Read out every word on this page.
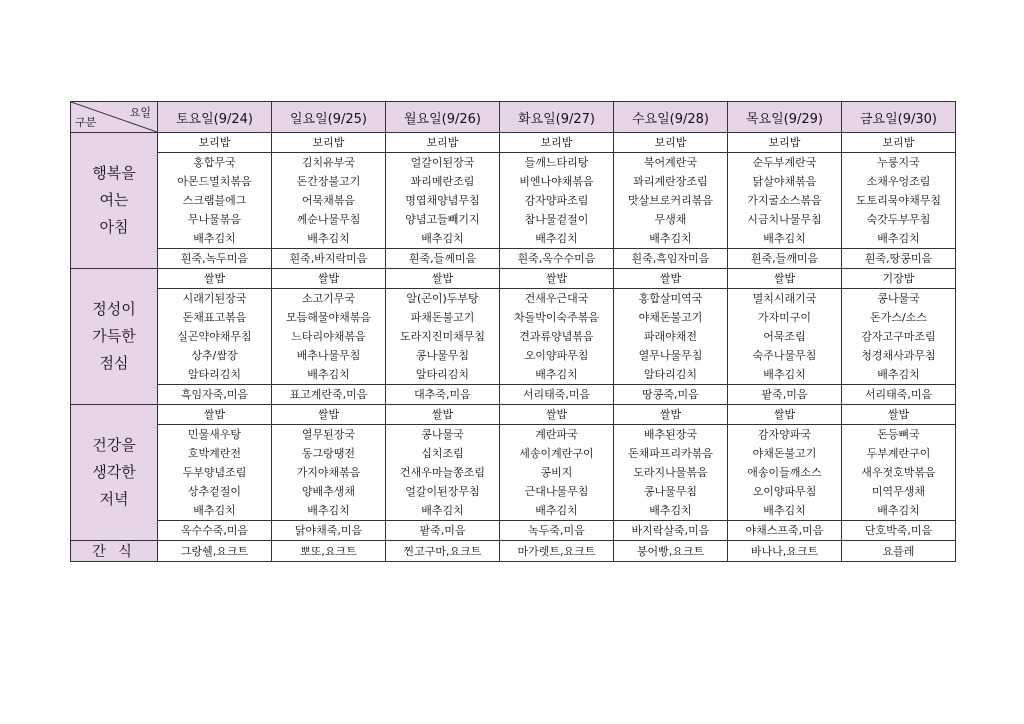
요일
구분	토요일(9/24)	일요일(9/25)	월요일(9/26)	화요일(9/27)	수요일(9/28)	목요일(9/29)	금요일(9/30)
행복을
여는
아침	보리밥	보리밥	보리밥	보리밥	보리밥	보리밥	보리밥
	홍합무국	김치유부국	얼갈이된장국	들깨느타리탕	북어계란국	순두부계란국	누룽지국
	아몬드멸치볶음	돈간장불고기	꽈리메란조림	비엔나야채볶음	꽈리계란장조림	닭살야채볶음	소채우엉조림
	스크램블에그	어묵채볶음	명엽채양념무침	감자양파조림	맛살브로커리볶음	가지굴소스볶음	도토리묵야채무침
	무나물볶음	께순나물무침	양념고들빼기지	참나물겉절이	무생채	시금치나물무침	숙갓두부무침
	배추김치	배추김치	배추김치	배추김치	배추김치	배추김치	배추김치
	흰죽,녹두미음	흰죽,바지락미음	흰죽,들께미음	흰죽,옥수수미음	흰죽,흑임자미음	흰죽,들깨미음	흰죽,땅콩미음
정성이
가득한
점심	쌀밥	쌀밥	쌀밥	쌀밥	쌀밥	쌀밥	기장밥
	시래기된장국	소고기무국	알(곤이)두부탕	건새우근대국	홍합살미역국	멸치시래기국	콩나물국
	돈채표고볶음	모듬해물야채볶음	파채돈불고기	차돌박이숙주볶음	야채돈불고기	가자미구이	돈가스/소스
	실곤약야채무침	느타리야채볶음	도라지진미채무침	견과류양념볶음	파래야채전	어묵조림	감자고구마조림
	상추/쌈장	배추나물무침	콩나물무침	오이양파무침	열무나물무침	숙주나물무침	청경채사과무침
	알타리김치	배추김치	알타리김치	배추김치	알타리김치	배추김치	배추김치
	흑임자죽,미음	표고계란죽,미음	대추죽,미음	서리태죽,미음	땅콩죽,미음	팥죽,미음	서리태죽,미음
건강을
생각한
저녁	쌀밥	쌀밥	쌀밥	쌀밥	쌀밥	쌀밥	쌀밥
	민물새우탕	열무된장국	콩나물국	계란파국	배추된장국	감자양파국	돈등뼈국
	호박계란전	동그랑땡전	십치조림	세송이계란구이	돈채파프리카볶음	야채돈불고기	두부계란구이
	두부양념조림	가지야채볶음	건새우마늘쫑조림	콩비지	도라지나물볶음	애송이들깨소스	새우젓호박볶음
	상추겉절이	양배추생채	얼갈이된장무침	근대나물무침	콩나물무침	오이양파무침	미역무생채
	배추김치	배추김치	배추김치	배추김치	배추김치	배추김치	배추김치
	옥수수죽,미음	닭야채죽,미음	팥죽,미음	녹두죽,미음	바지락살죽,미음	야채스프죽,미음	단호박죽,미음
간 식	그랑쉘,요크트	뽀또,요크트	찐고구마,요크트	마가렛트,요크트	붕어빵,요크트	바나나,요크트	요플레
